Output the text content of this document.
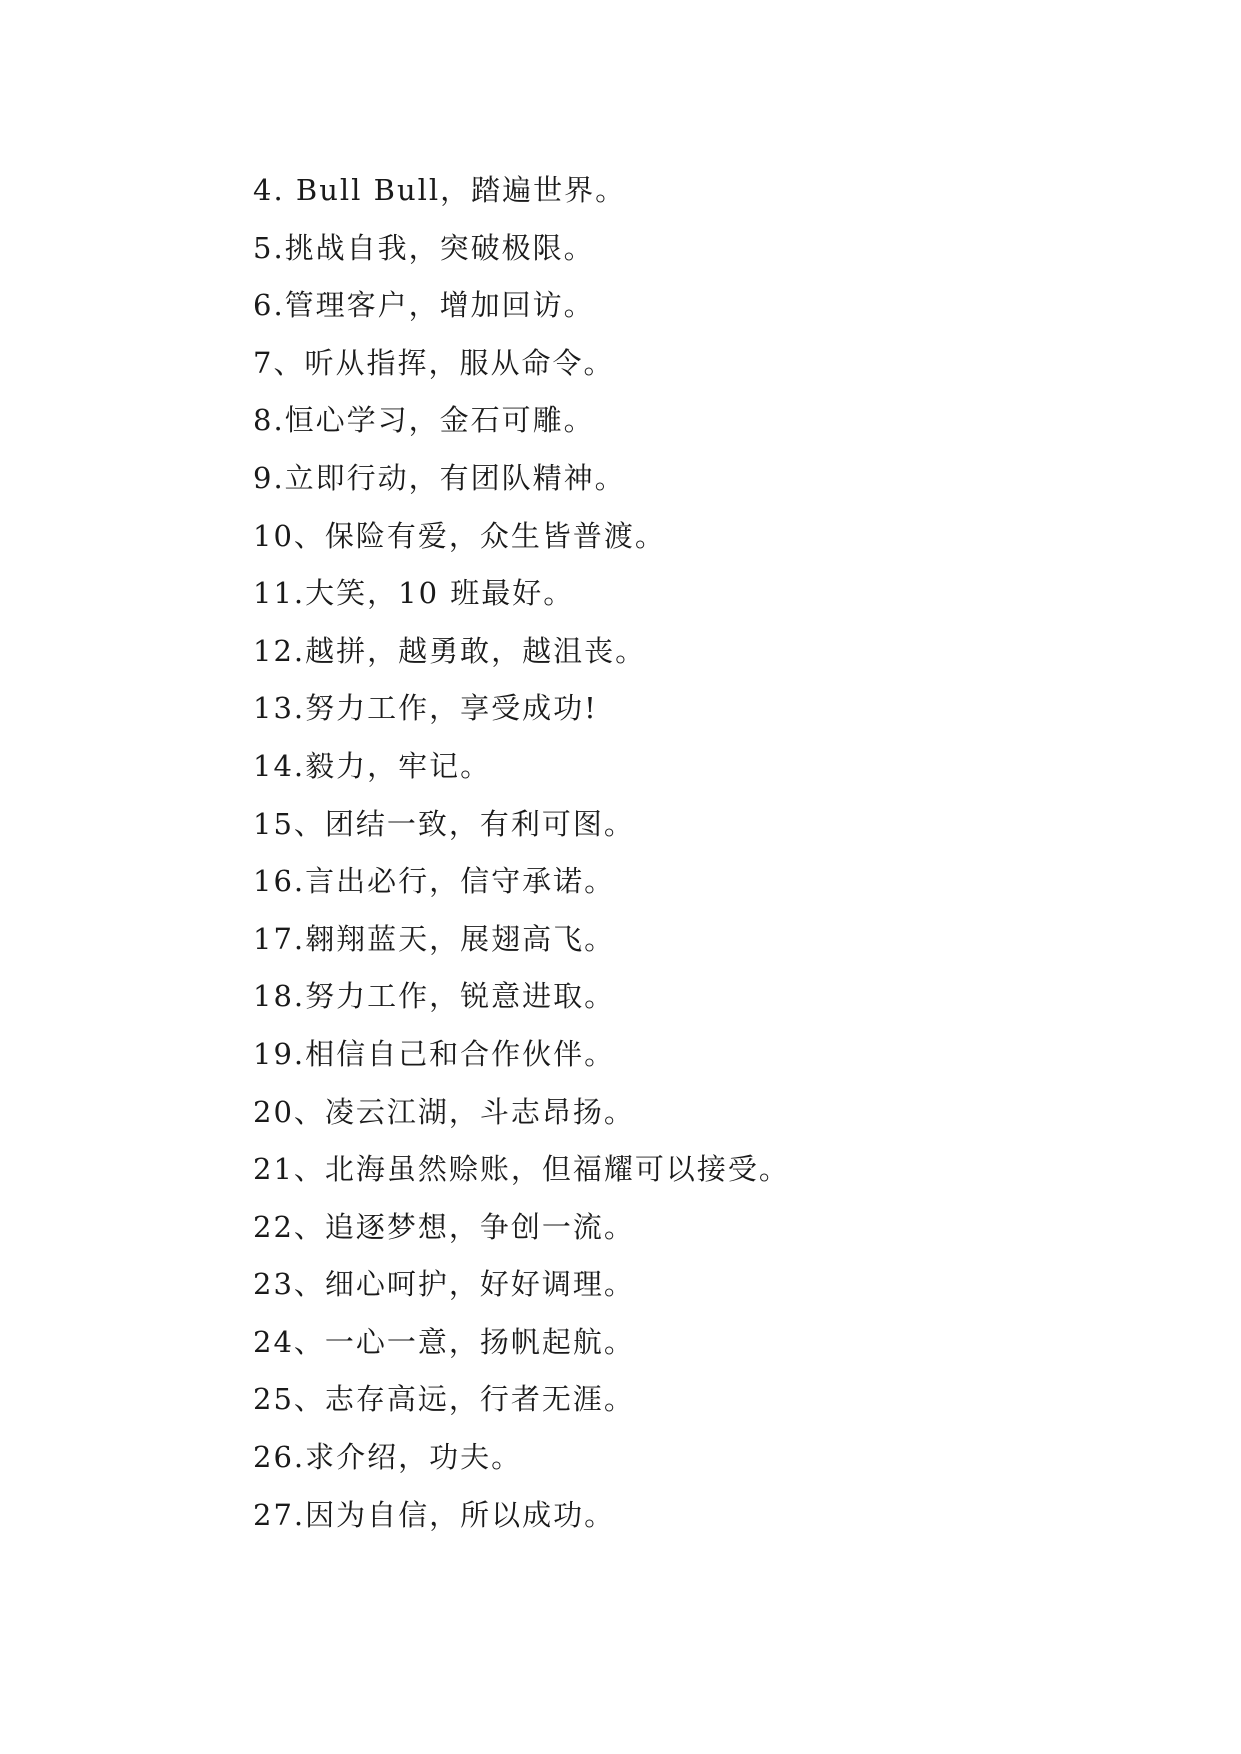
4. Bull Bull，踏遍世界。
5.挑战自我，突破极限。
6.管理客户，增加回访。
7、听从指挥，服从命令。
8.恒心学习，金石可雕。
9.立即行动，有团队精神。
10、保险有爱，众生皆普渡。
11.大笑，10 班最好。
12.越拼，越勇敢，越沮丧。
13.努力工作，享受成功!
14.毅力，牢记。
15、团结一致，有利可图。
16.言出必行，信守承诺。
17.翱翔蓝天，展翅高飞。
18.努力工作，锐意进取。
19.相信自己和合作伙伴。
20、凌云江湖，斗志昂扬。
21、北海虽然赊账，但福耀可以接受。
22、追逐梦想，争创一流。
23、细心呵护，好好调理。
24、一心一意，扬帆起航。
25、志存高远，行者无涯。
26.求介绍，功夫。
27.因为自信，所以成功。
